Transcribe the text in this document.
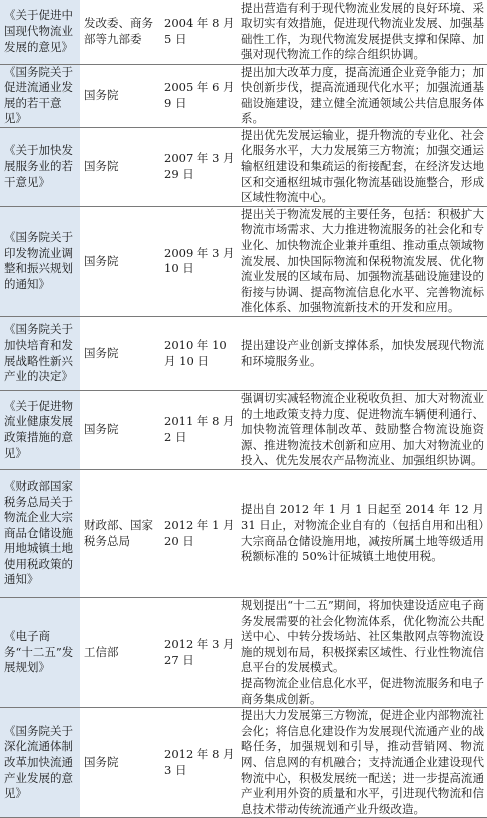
《关于促进中国现代物流业发展的意见》	发改委、商务部等九部委	2004 年 8 月 5 日	提出营造有利于现代物流业发展的良好环境、采取切实有效措施，促进现代物流业发展、加强基础性工作，为现代物流发展提供支撑和保障、加强对现代物流工作的综合组织协调。
《国务院关于促进流通业发展的若干意见》	国务院	2005 年 6 月 9 日	提出加大改革力度，提高流通企业竞争能力；加快创新步伐，提高流通现代化水平；加强流通基础设施建设，建立健全流通领域公共信息服务体系。
《关于加快发展服务业的若干意见》	国务院	2007 年 3 月 29 日	提出优先发展运输业，提升物流的专业化、社会化服务水平，大力发展第三方物流；加强交通运输枢纽建设和集疏运的衔接配套，在经济发达地区和交通枢纽城市强化物流基础设施整合，形成区域性物流中心。
《国务院关于印发物流业调整和振兴规划的通知》	国务院	2009 年 3 月 10 日	提出关于物流发展的主要任务，包括：积极扩大物流市场需求、大力推进物流服务的社会化和专业化、加快物流企业兼并重组、推动重点领域物流发展、加快国际物流和保税物流发展、优化物流业发展的区域布局、加强物流基础设施建设的衔接与协调、提高物流信息化水平、完善物流标准化体系、加强物流新技术的开发和应用。
《国务院关于加快培育和发展战略性新兴产业的决定》	国务院	2010 年 10 月 10 日	提出建设产业创新支撑体系，加快发展现代物流和环境服务业。
《关于促进物流业健康发展政策措施的意见》	国务院	2011 年 8 月 2 日	强调切实减轻物流企业税收负担、加大对物流业的土地政策支持力度、促进物流车辆便利通行、加快物流管理体制改革、鼓励整合物流设施资源、推进物流技术创新和应用、加大对物流业的投入、优先发展农产品物流业、加强组织协调。
《财政部国家税务总局关于物流企业大宗商品仓储设施用地城镇土地使用税政策的通知》	财政部、国家税务总局	2012 年 1 月 20 日	提出自 2012 年 1 月 1 日起至 2014 年 12 月 31 日止，对物流企业自有的（包括自用和出租）大宗商品仓储设施用地，减按所属土地等级适用税额标准的 50%计征城镇土地使用税。
《电子商务“十二五”发展规划》	工信部	2012 年 3 月 27 日	规划提出“十二五”期间，将加快建设适应电子商务发展需要的社会化物流体系，优化物流公共配送中心、中转分拨场站、社区集散网点等物流设施的规划布局，积极探索区域性、行业性物流信息平台的发展模式。
提高物流企业信息化水平，促进物流服务和电子商务集成创新。
《国务院关于深化流通体制改革加快流通产业发展的意见》	国务院	2012 年 8 月 3 日	提出大力发展第三方物流，促进企业内部物流社会化；将信息化建设作为发展现代流通产业的战略任务，加强规划和引导，推动营销网、物流网、信息网的有机融合；支持流通企业建设现代物流中心，积极发展统一配送；进一步提高流通产业利用外资的质量和水平，引进现代物流和信息技术带动传统流通产业升级改造。
